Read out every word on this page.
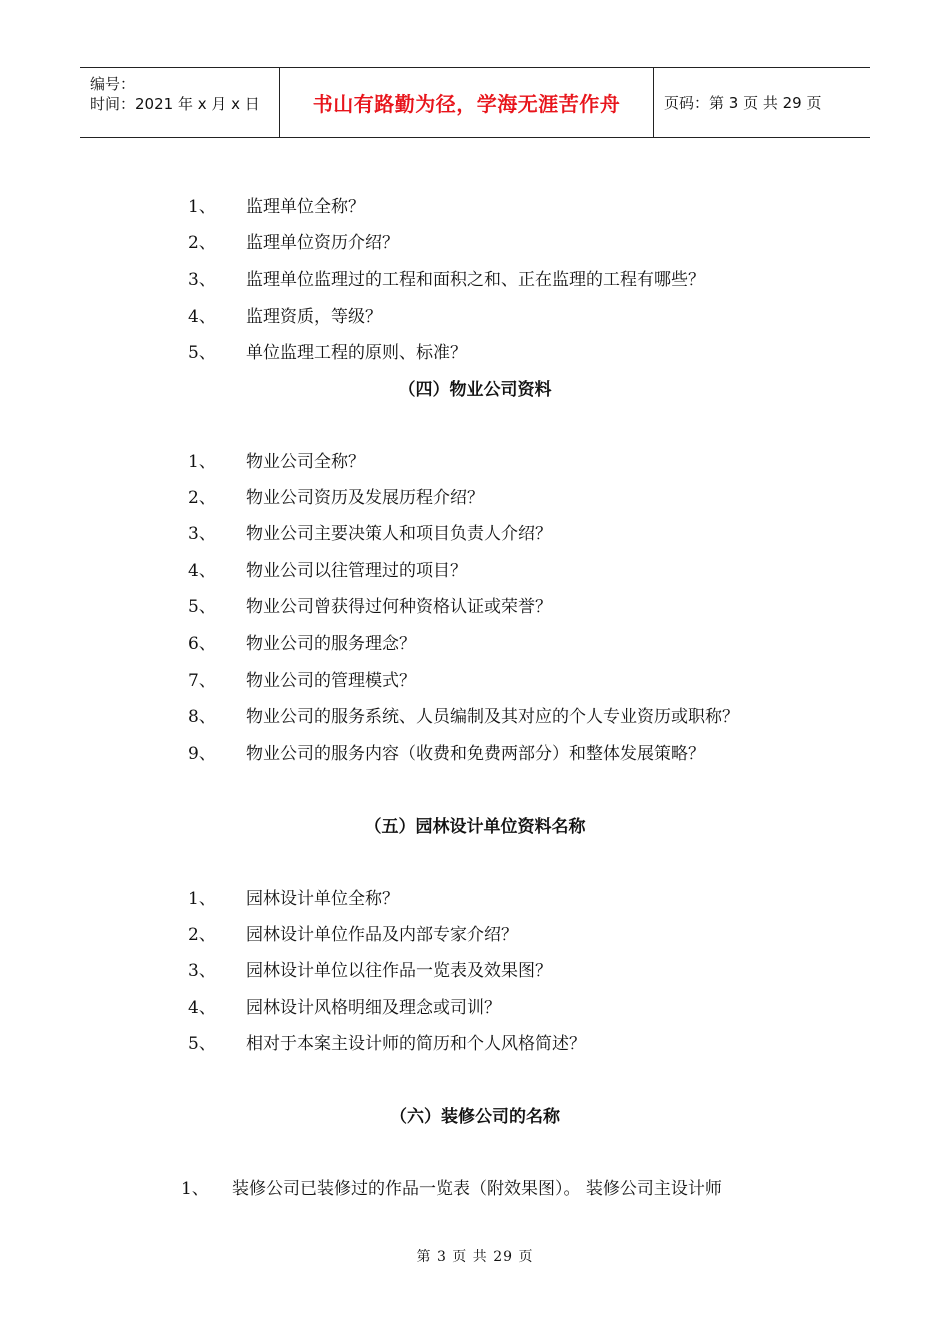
编号：
时间：2021 年 x 月 x 日	书山有路勤为径，学海无涯苦作舟	页码：第 3 页 共 29 页
1、 监理单位全称？
2、 监理单位资历介绍？
3、 监理单位监理过的工程和面积之和、正在监理的工程有哪些？
4、 监理资质，等级？
5、 单位监理工程的原则、标准？
（四）物业公司资料
1、 物业公司全称？
2、 物业公司资历及发展历程介绍？
3、 物业公司主要决策人和项目负责人介绍？
4、 物业公司以往管理过的项目？
5、 物业公司曾获得过何种资格认证或荣誉？
6、 物业公司的服务理念？
7、 物业公司的管理模式？
8、 物业公司的服务系统、人员编制及其对应的个人专业资历或职称？
9、 物业公司的服务内容（收费和免费两部分）和整体发展策略？
（五）园林设计单位资料名称
1、 园林设计单位全称？
2、 园林设计单位作品及内部专家介绍？
3、 园林设计单位以往作品一览表及效果图？
4、 园林设计风格明细及理念或司训？
5、 相对于本案主设计师的简历和个人风格简述？
（六）装修公司的名称
1、 装修公司已装修过的作品一览表（附效果图）。 装修公司主设计师
第 3 页 共 29 页
